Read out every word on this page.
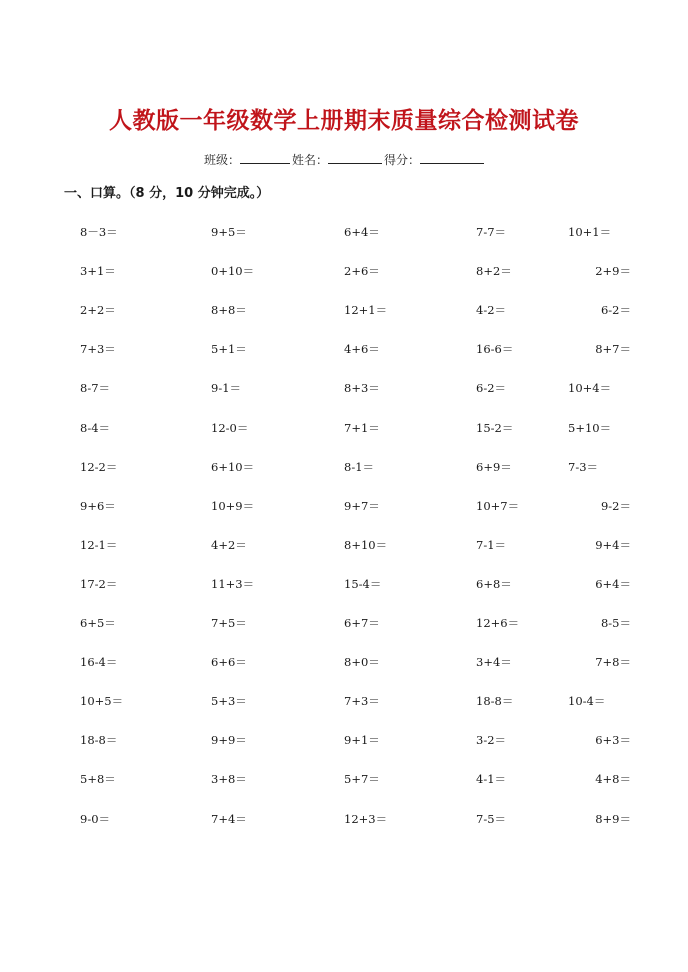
人教版一年级数学上册期末质量综合检测试卷
班级：	姓名：	得分：
一、口算。（8 分，10 分钟完成。）
8－3＝	9+5＝	6+4＝	7-7＝	10+1＝
3+1＝	0+10＝	2+6＝	8+2＝	2+9＝
2+2＝	8+8＝	12+1＝	4-2＝	6-2＝
7+3＝	5+1＝	4+6＝	16-6＝	8+7＝
8-7＝	9-1＝	8+3＝	6-2＝	10+4＝
8-4＝	12-0＝	7+1＝	15-2＝	5+10＝
12-2＝	6+10＝	8-1＝	6+9＝	7-3＝
9+6＝	10+9＝	9+7＝	10+7＝	9-2＝
12-1＝	4+2＝	8+10＝	7-1＝	9+4＝
17-2＝	11+3＝	15-4＝	6+8＝	6+4＝
6+5＝	7+5＝	6+7＝	12+6＝	8-5＝
16-4＝	6+6＝	8+0＝	3+4＝	7+8＝
10+5＝	5+3＝	7+3＝	18-8＝	10-4＝
18-8＝	9+9＝	9+1＝	3-2＝	6+3＝
5+8＝	3+8＝	5+7＝	4-1＝	4+8＝
9-0＝	7+4＝	12+3＝	7-5＝	8+9＝
